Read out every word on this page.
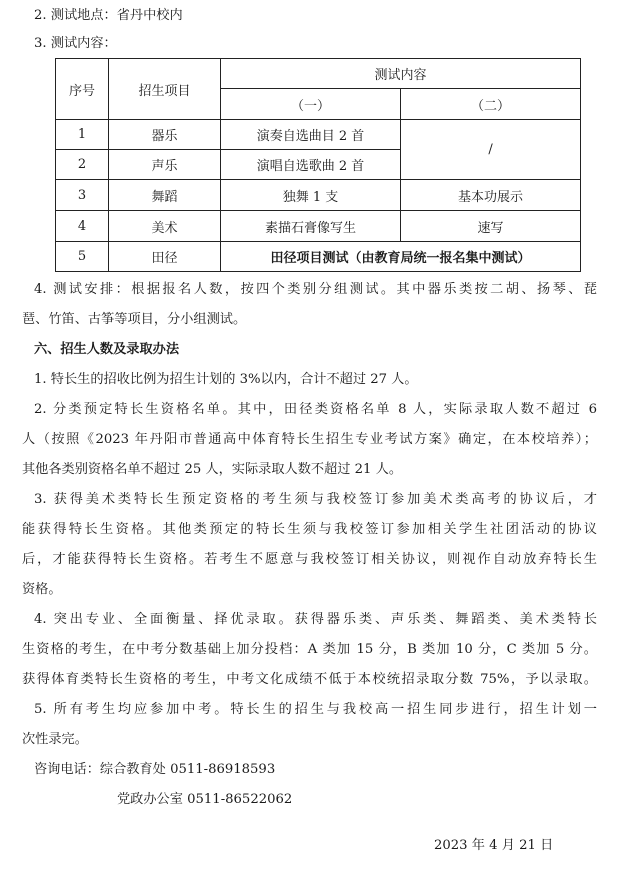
2. 测试地点：省丹中校内
3. 测试内容：
序号	招生项目	测试内容	
		（一）	（二）
1	器乐	演奏自选曲目 2 首	/
2	声乐	演唱自选歌曲 2 首	
3	舞蹈	独舞 1 支	基本功展示
4	美术	素描石膏像写生	速写
5	田径	田径项目测试（由教育局统一报名集中测试）	
4. 测试安排：根据报名人数，按四个类别分组测试。其中器乐类按二胡、扬琴、琵
琶、竹笛、古筝等项目，分小组测试。
六、招生人数及录取办法
1. 特长生的招收比例为招生计划的 3%以内，合计不超过 27 人。
2. 分类预定特长生资格名单。其中，田径类资格名单 8 人，实际录取人数不超过 6
人（按照《2023 年丹阳市普通高中体育特长生招生专业考试方案》确定，在本校培养）；
其他各类别资格名单不超过 25 人，实际录取人数不超过 21 人。
3. 获得美术类特长生预定资格的考生须与我校签订参加美术类高考的协议后，才
能获得特长生资格。其他类预定的特长生须与我校签订参加相关学生社团活动的协议
后，才能获得特长生资格。若考生不愿意与我校签订相关协议，则视作自动放弃特长生
资格。
4. 突出专业、全面衡量、择优录取。获得器乐类、声乐类、舞蹈类、美术类特长
生资格的考生，在中考分数基础上加分投档：A 类加 15 分，B 类加 10 分，C 类加 5 分。
获得体育类特长生资格的考生，中考文化成绩不低于本校统招录取分数 75%，予以录取。
5. 所有考生均应参加中考。特长生的招生与我校高一招生同步进行，招生计划一
次性录完。
咨询电话：综合教育处 0511-86918593
党政办公室 0511-86522062
2023 年 4 月 21 日
